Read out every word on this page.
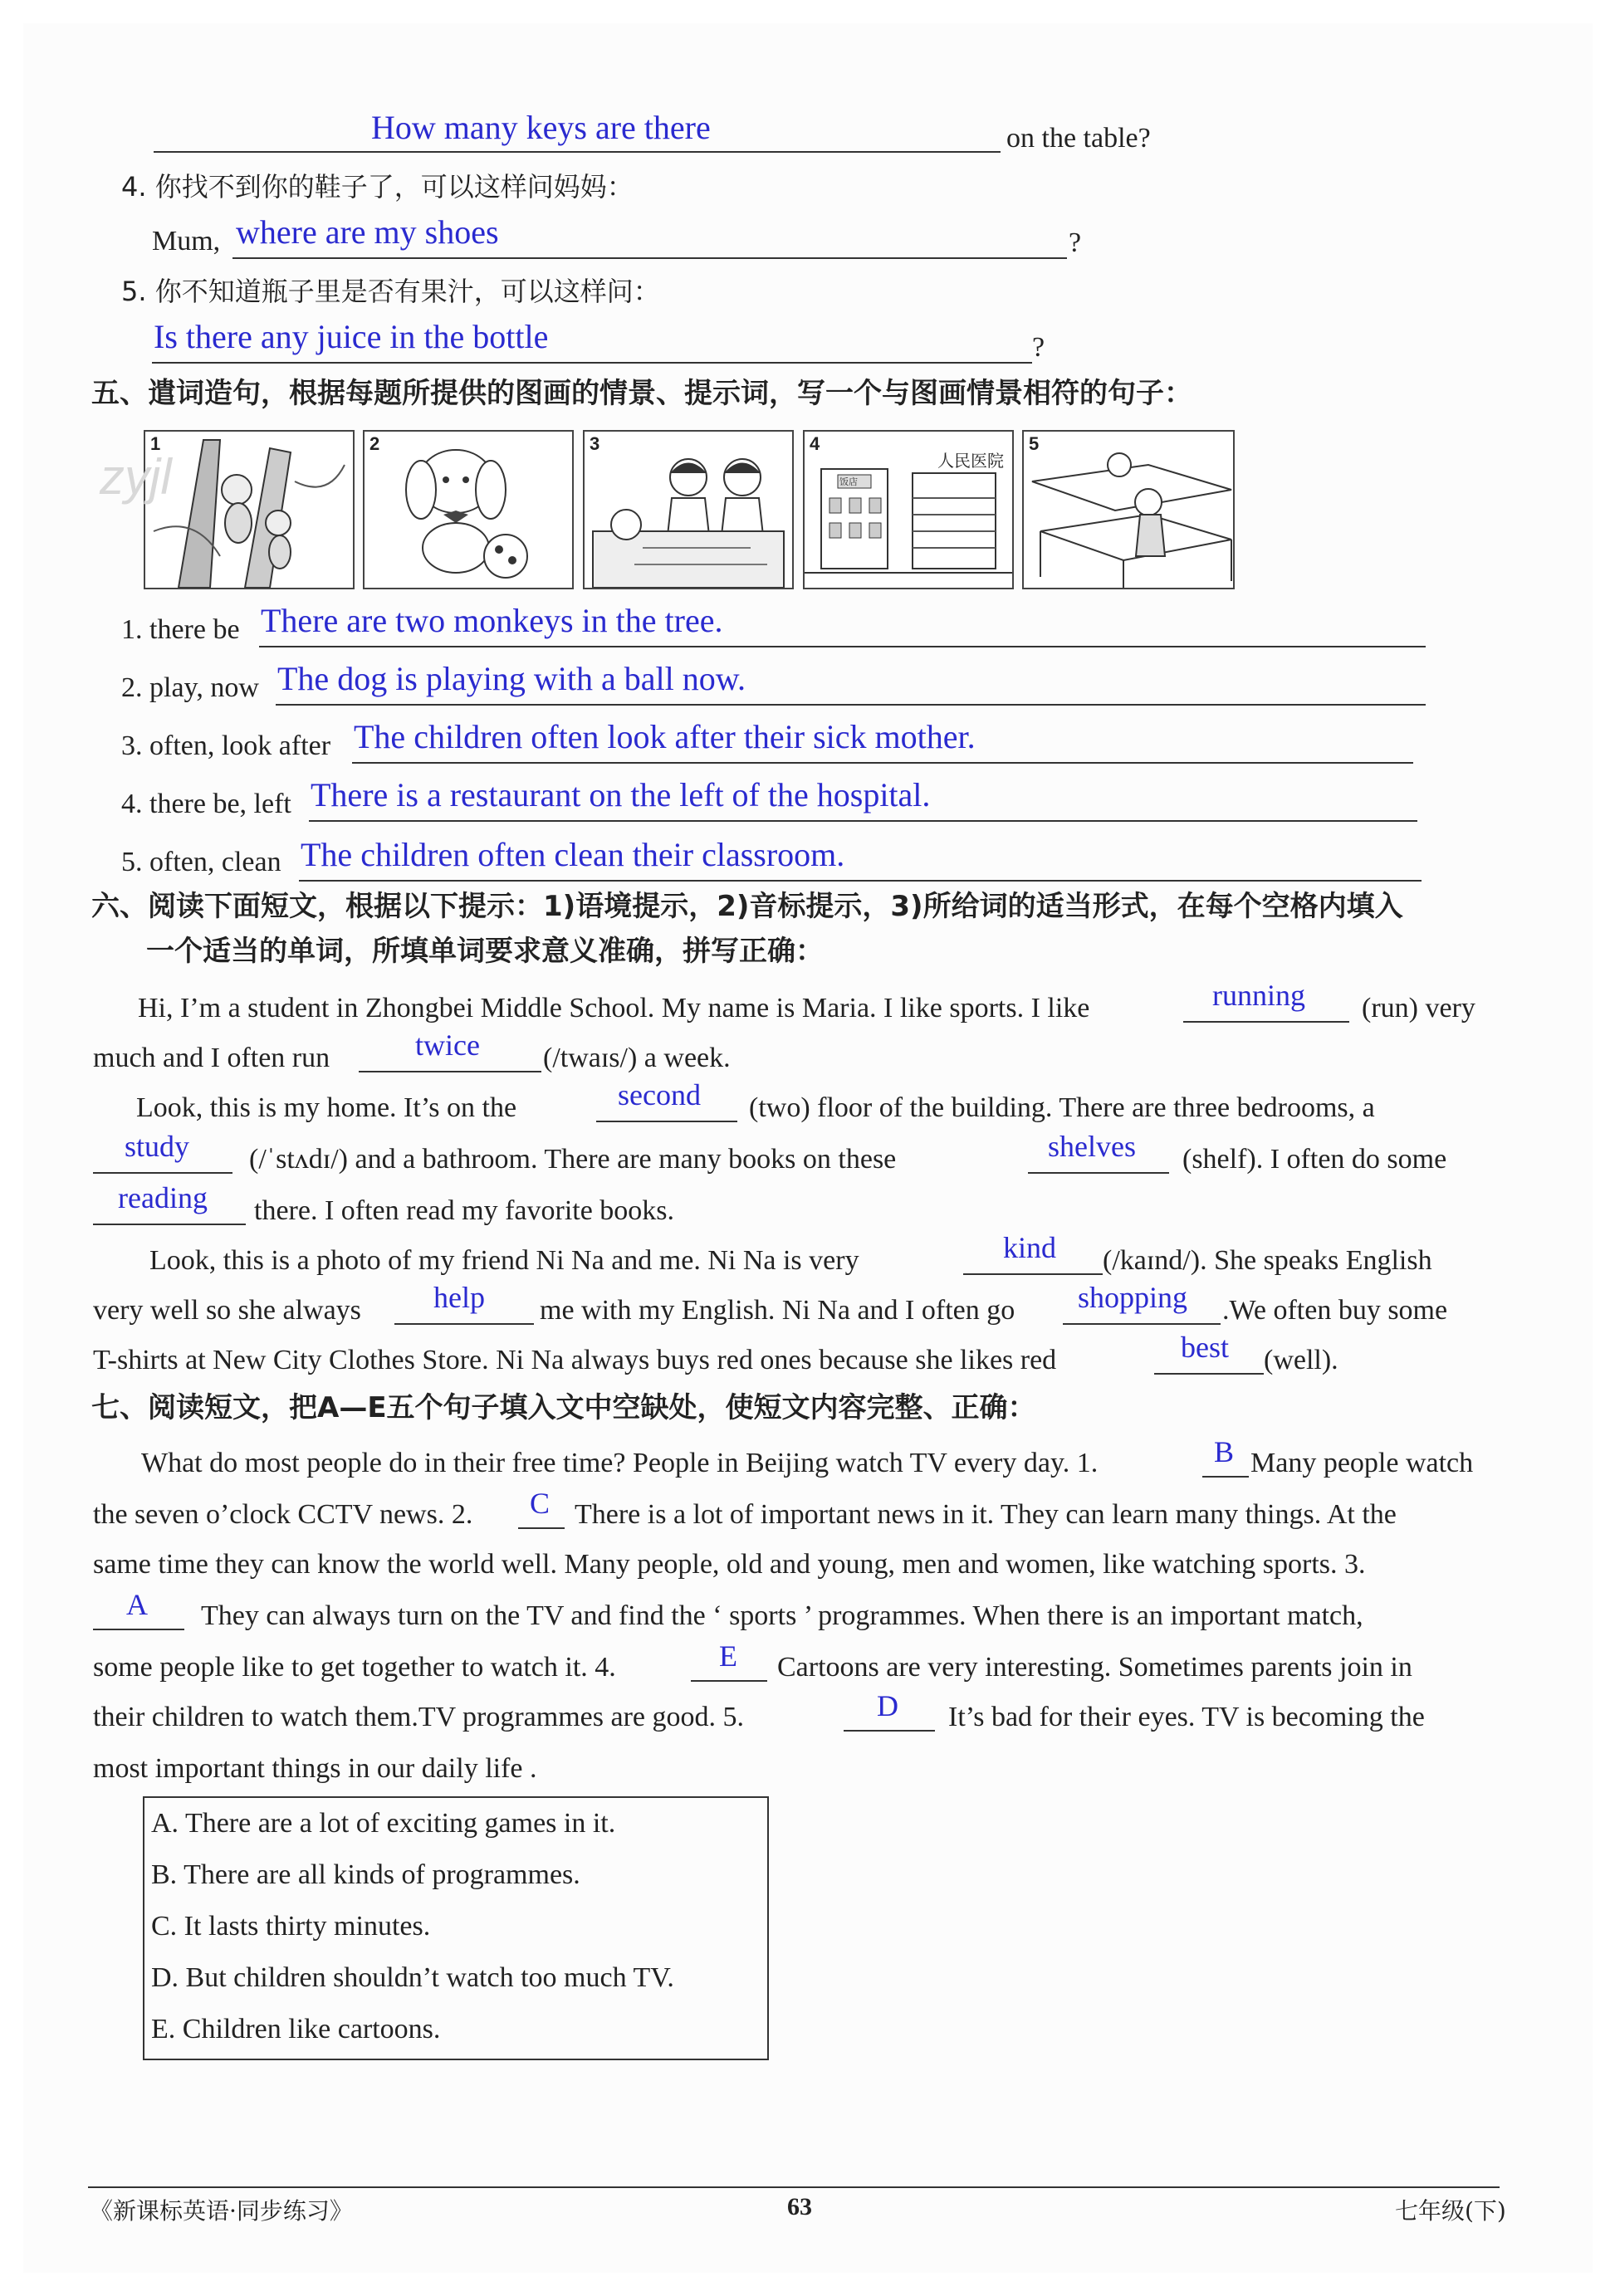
How many keys are there	on the table?
4. 你找不到你的鞋子了，可以这样问妈妈：
Mum, where are my shoes	?
5. 你不知道瓶子里是否有果汁，可以这样问：
Is there any juice in the bottle	?
五、遣词造句，根据每题所提供的图画的情景、提示词，写一个与图画情景相符的句子：
1	2	3	4
饭店
人民医院
5
zyjl
1. there be There are two monkeys in the tree.
2. play, now The dog is playing with a ball now.
3. often, look after The children often look after their sick mother.
4. there be, left There is a restaurant on the left of the hospital.
5. often, clean The children often clean their classroom.
六、阅读下面短文，根据以下提示：1)语境提示，2)音标提示，3)所给词的适当形式，在每个空格内填入
一个适当的单词，所填单词要求意义准确，拼写正确：
Hi, I’m a student in Zhongbei Middle School. My name is Maria. I like sports. I like	running (run) very
much and I often run	twice (/twaɪs/) a week.
Look, this is my home. It’s on the	second (two) floor of the building. There are three bedrooms, a
study (/ˈstʌdɪ/) and a bathroom. There are many books on these	shelves (shelf). I often do some
reading there. I often read my favorite books.
Look, this is a photo of my friend Ni Na and me. Ni Na is very	kind (/kaɪnd/). She speaks English
very well so she always help me with my English. Ni Na and I often go shopping .We often buy some
T-shirts at New City Clothes Store. Ni Na always buys red ones because she likes red	best (well).
七、阅读短文，把A—E五个句子填入文中空缺处，使短文内容完整、正确：
What do most people do in their free time? People in Beijing watch TV every day. 1.	B Many people watch
the seven o’clock CCTV news. 2. C There is a lot of important news in it. They can learn many things. At the
same time they can know the world well. Many people, old and young, men and women, like watching sports. 3.
A They can always turn on the TV and find the ‘ sports ’ programmes. When there is an important match,
some people like to get together to watch it. 4.	E Cartoons are very interesting. Sometimes parents join in
their children to watch them.TV programmes are good. 5.	D It’s bad for their eyes. TV is becoming the
most important things in our daily life .
A. There are a lot of exciting games in it.
B. There are all kinds of programmes.
C. It lasts thirty minutes.
D. But children shouldn’t watch too much TV.
E. Children like cartoons.
《新课标英语·同步练习》	63	七年级(下)
